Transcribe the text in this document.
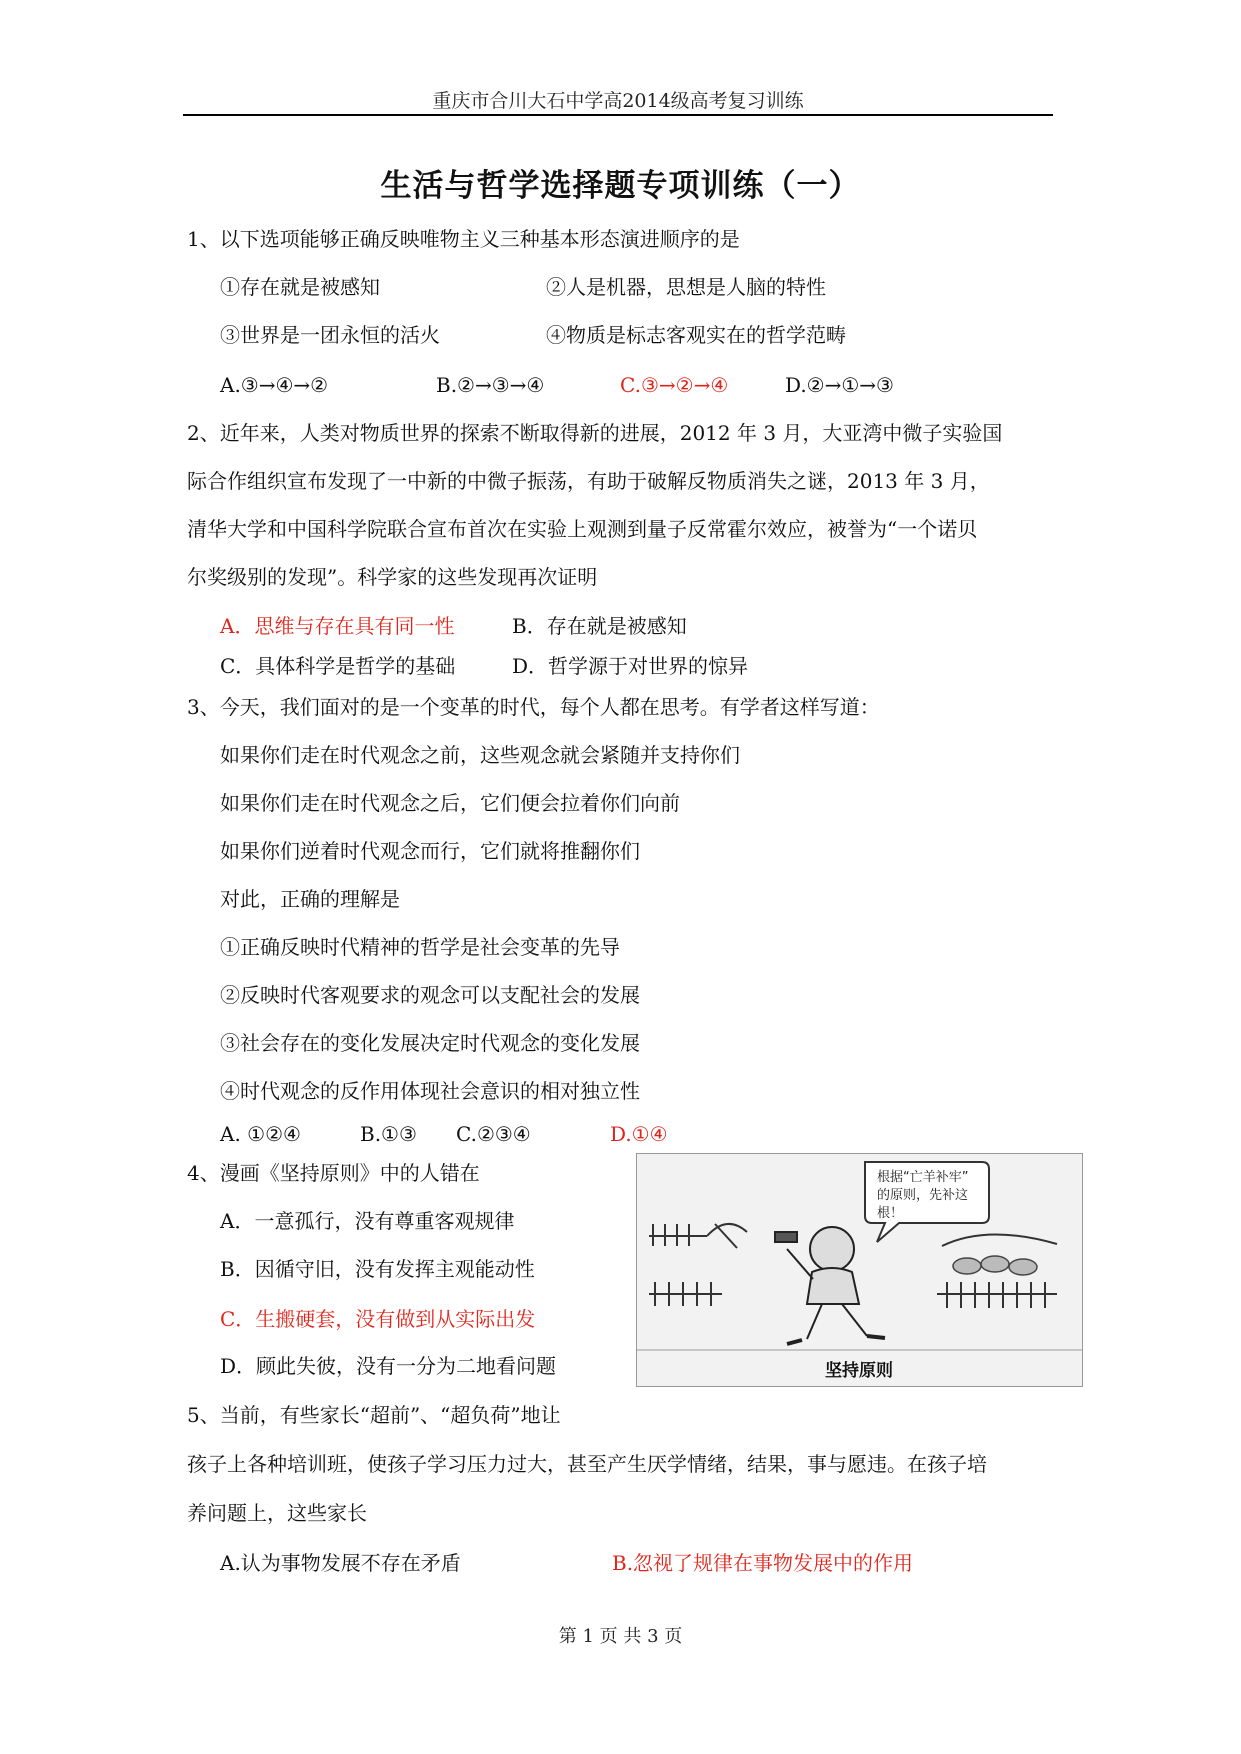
重庆市合川大石中学高2014级高考复习训练
生活与哲学选择题专项训练（一）
1、以下选项能够正确反映唯物主义三种基本形态演进顺序的是
①存在就是被感知	②人是机器，思想是人脑的特性
③世界是一团永恒的活火	④物质是标志客观实在的哲学范畴
A.③→④→②	B.②→③→④	C.③→②→④	D.②→①→③
2、近年来，人类对物质世界的探索不断取得新的进展，2012 年 3 月，大亚湾中微子实验国
际合作组织宣布发现了一中新的中微子振荡，有助于破解反物质消失之谜，2013 年 3 月，
清华大学和中国科学院联合宣布首次在实验上观测到量子反常霍尔效应，被誉为“一个诺贝
尔奖级别的发现”。科学家的这些发现再次证明
A．思维与存在具有同一性	B．存在就是被感知
C．具体科学是哲学的基础	D．哲学源于对世界的惊异
3、今天，我们面对的是一个变革的时代，每个人都在思考。有学者这样写道：
如果你们走在时代观念之前，这些观念就会紧随并支持你们
如果你们走在时代观念之后，它们便会拉着你们向前
如果你们逆着时代观念而行，它们就将推翻你们
对此，正确的理解是
①正确反映时代精神的哲学是社会变革的先导
②反映时代客观要求的观念可以支配社会的发展
③社会存在的变化发展决定时代观念的变化发展
④时代观念的反作用体现社会意识的相对独立性
A. ①②④	B.①③ C.②③④	D.①④
4、漫画《坚持原则》中的人错在
A．一意孤行，没有尊重客观规律
B．因循守旧，没有发挥主观能动性
C．生搬硬套，没有做到从实际出发
D．顾此失彼，没有一分为二地看问题
根据“亡羊补牢”
的原则，先补这
根！
坚持原则
5、当前，有些家长“超前”、“超负荷”地让
孩子上各种培训班，使孩子学习压力过大，甚至产生厌学情绪，结果，事与愿违。在孩子培
养问题上，这些家长
A.认为事物发展不存在矛盾	B.忽视了规律在事物发展中的作用
第 1 页 共 3 页
